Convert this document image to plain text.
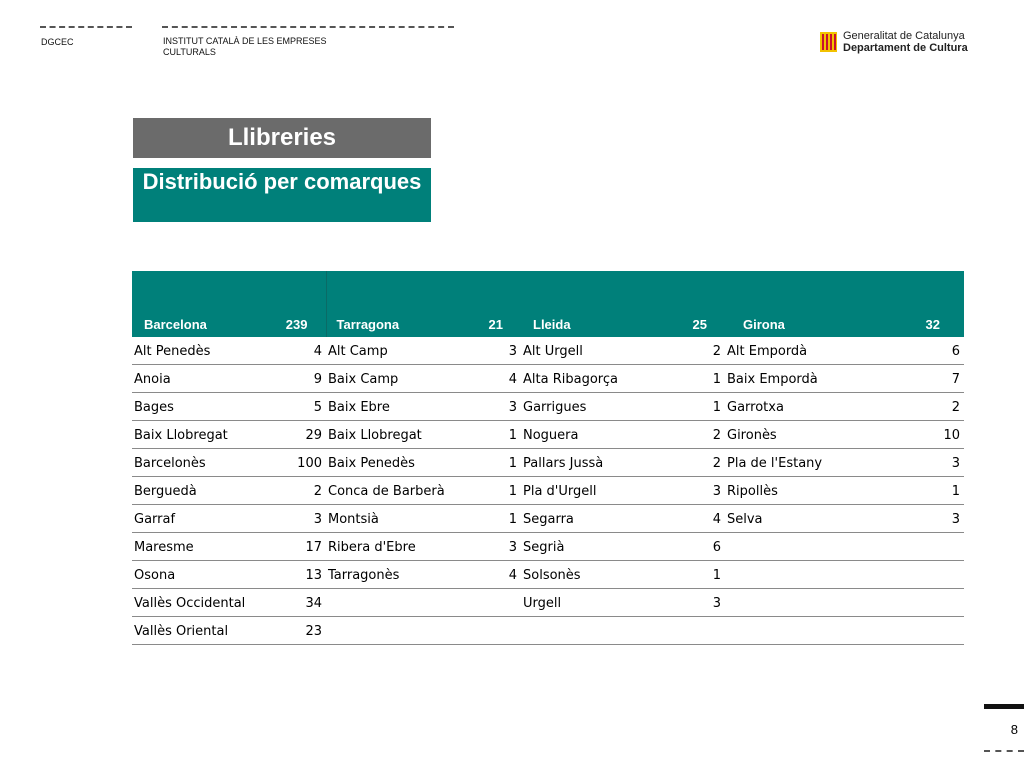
DGCEC	INSTITUT CATALÀ DE LES EMPRESES
CULTURALS
Generalitat de Catalunya
Departament de Cultura
Llibreries
Distribució per comarques
Barcelona	239	Tarragona	21	Lleida	25	Girona	32
Alt Penedès	4	Alt Camp	3	Alt Urgell	2	Alt Empordà	6
Anoia	9	Baix Camp	4	Alta Ribagorça	1	Baix Empordà	7
Bages	5	Baix Ebre	3	Garrigues	1	Garrotxa	2
Baix Llobregat	29	Baix Llobregat	1	Noguera	2	Gironès	10
Barcelonès	100	Baix Penedès	1	Pallars Jussà	2	Pla de l'Estany	3
Berguedà	2	Conca de Barberà	1	Pla d'Urgell	3	Ripollès	1
Garraf	3	Montsià	1	Segarra	4	Selva	3
Maresme	17	Ribera d'Ebre	3	Segrià	6		
Osona	13	Tarragonès	4	Solsonès	1		
Vallès Occidental	34			Urgell	3		
Vallès Oriental	23						
8
